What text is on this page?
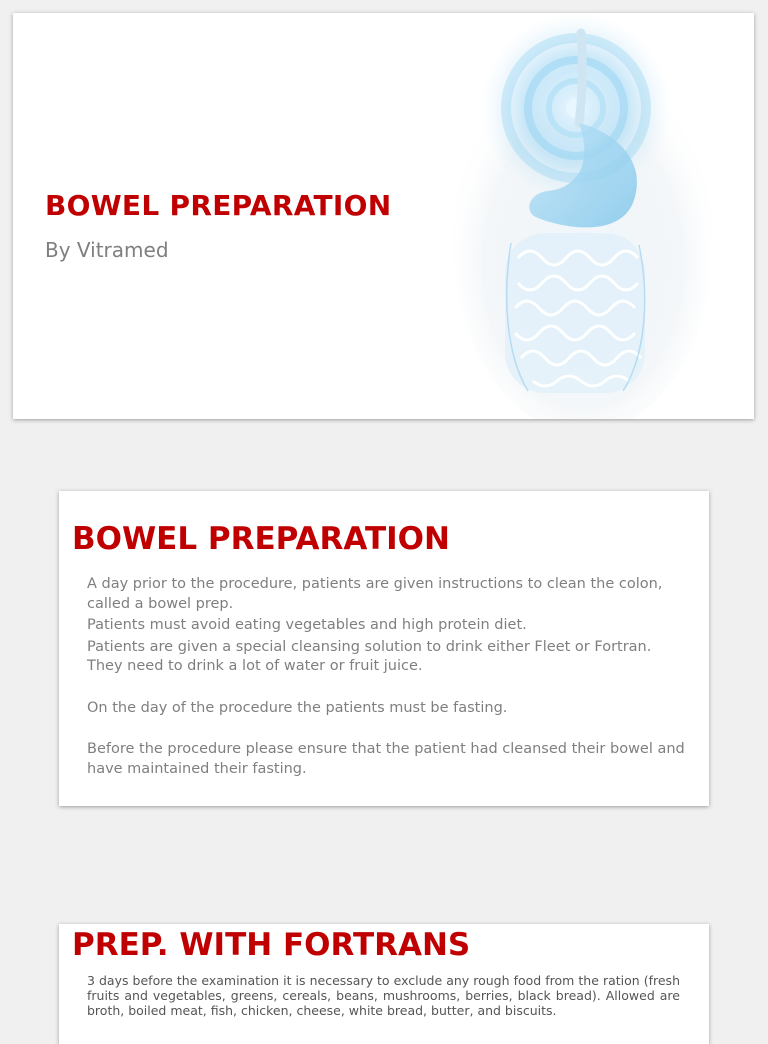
BOWEL PREPARATION

By Vitramed

BOWEL PREPARATION
A day prior to the procedure, patients are given instructions to clean the colon, called a bowel prep.
Patients must avoid eating vegetables and high protein diet.
Patients are given a special cleansing solution to drink either Fleet or Fortran. They need to drink a lot of water or fruit juice.
On the day of the procedure the patients must be fasting.
Before the procedure please ensure that the patient had cleansed their bowel and have maintained their fasting.
PREP. WITH FORTRANS

3 days before the examination it is necessary to exclude any rough food from the ration (fresh fruits and vegetables, greens, cereals, beans, mushrooms, berries, black bread). Allowed are broth, boiled meat, fish, chicken, cheese, white bread, butter, and biscuits.
